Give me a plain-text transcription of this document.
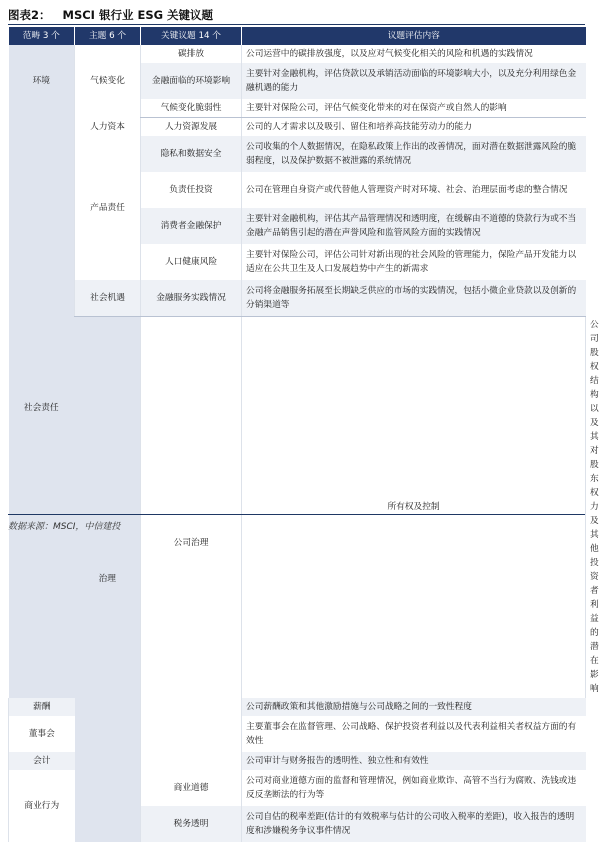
图表2： MSCI 银行业 ESG 关键议题
范畴 3 个	主题 6 个	关键议题 14 个	议题评估内容	
环境	气候变化	碳排放	公司运营中的碳排放强度，以及应对气候变化相关的风险和机遇的实践情况	
		金融面临的环境影响	主要针对金融机构，评估贷款以及承销活动面临的环境影响大小，以及充分利用绿色金融机遇的能力	
		气候变化脆弱性	主要针对保险公司，评估气候变化带来的对在保资产或自然人的影响	
社会责任	人力资本	人力资源发展	公司的人才需求以及吸引、留住和培养高技能劳动力的能力	
	产品责任	隐私和数据安全	公司收集的个人数据情况，在隐私政策上作出的改善情况，面对潜在数据泄露风险的脆弱程度，以及保护数据不被泄露的系统情况	
		负责任投资	公司在管理自身资产或代替他人管理资产时对环境、社会、治理层面考虑的整合情况	
		消费者金融保护	主要针对金融机构，评估其产品管理情况和透明度，在缓解由不道德的贷款行为或不当金融产品销售引起的潜在声誉风险和监管风险方面的实践情况	
		人口健康风险	主要针对保险公司，评估公司针对新出现的社会风险的管理能力，保险产品开发能力以适应在公共卫生及人口发展趋势中产生的新需求	
	社会机遇	金融服务实践情况	公司将金融服务拓展至长期缺乏供应的市场的实践情况，包括小微企业贷款以及创新的分销渠道等	
	治理	公司治理	所有权及控制	公司股权结构以及其对股东权力及其他投资者利益的潜在影响
薪酬			公司薪酬政策和其他激励措施与公司战略之间的一致性程度	
董事会			主要董事会在监督管理、公司战略、保护投资者利益以及代表利益相关者权益方面的有效性	
会计			公司审计与财务报告的透明性、独立性和有效性	
商业行为		商业道德	公司对商业道德方面的监督和管理情况，例如商业欺诈、高管不当行为腐败、洗钱或违反反垄断法的行为等	
		税务透明	公司自估的税率差距(估计的有效税率与估计的公司收入税率的差距)，收入报告的透明度和涉嫌税务争议事件情况	
数据来源：MSCI，中信建投
